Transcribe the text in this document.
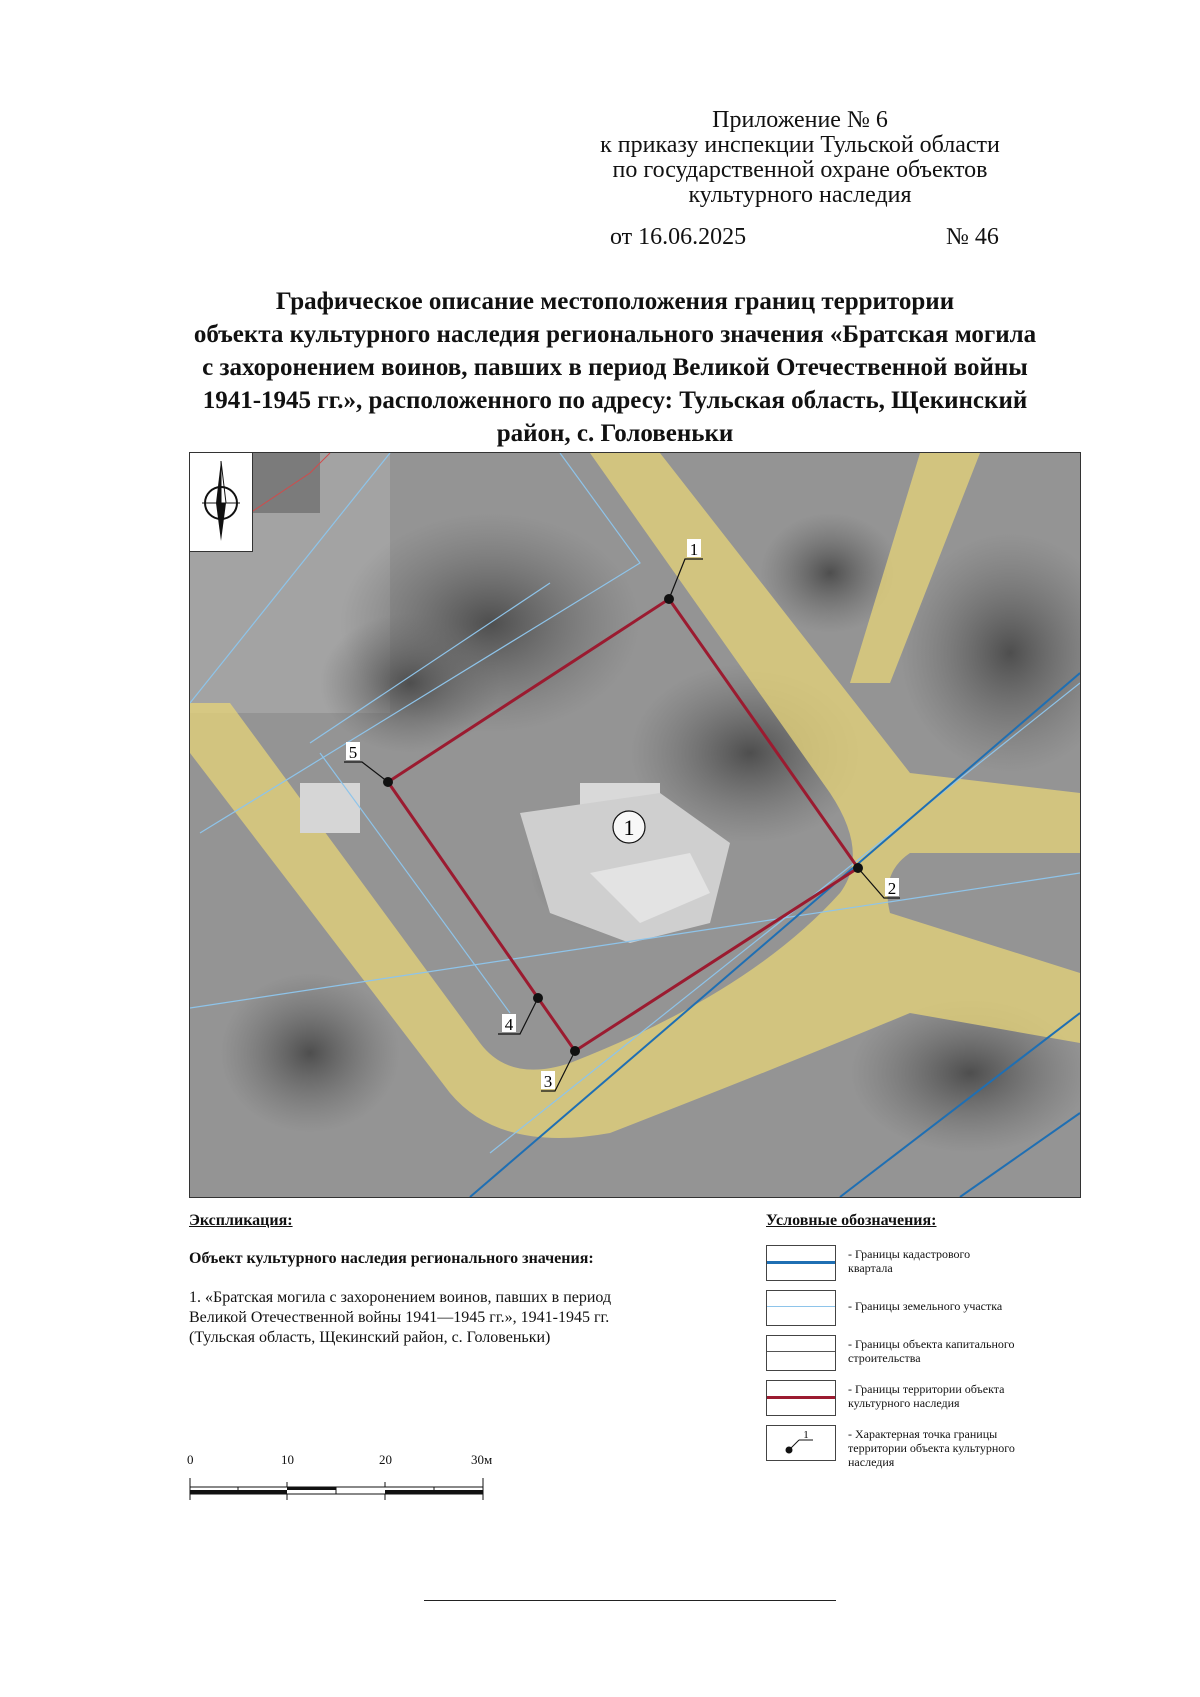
Приложение № 6
к приказу инспекции Тульской области
по государственной охране объектов
культурного наследия
от 16.06.2025	№ 46
Графическое описание местоположения границ территории
объекта культурного наследия регионального значения «Братская могила
с захоронением воинов, павших в период Великой Отечественной войны
1941-1945 гг.», расположенного по адресу: Тульская область, Щекинский
район, с. Головеньки
1
2
3
4
5
1
Экспликация:
Объект культурного наследия регионального значения:
1. «Братская могила с захоронением воинов, павших в период
Великой Отечественной войны 1941—1945 гг.», 1941-1945 гг.
(Тульская область, Щекинский район, с. Головеньки)
Условные обозначения:
- Границы кадастрового
квартала
- Границы земельного участка
- Границы объекта капитального
строительства
- Границы территории объекта
культурного наследия
1	- Характерная точка границы
территории объекта культурного
наследия
0	10	20	30м
